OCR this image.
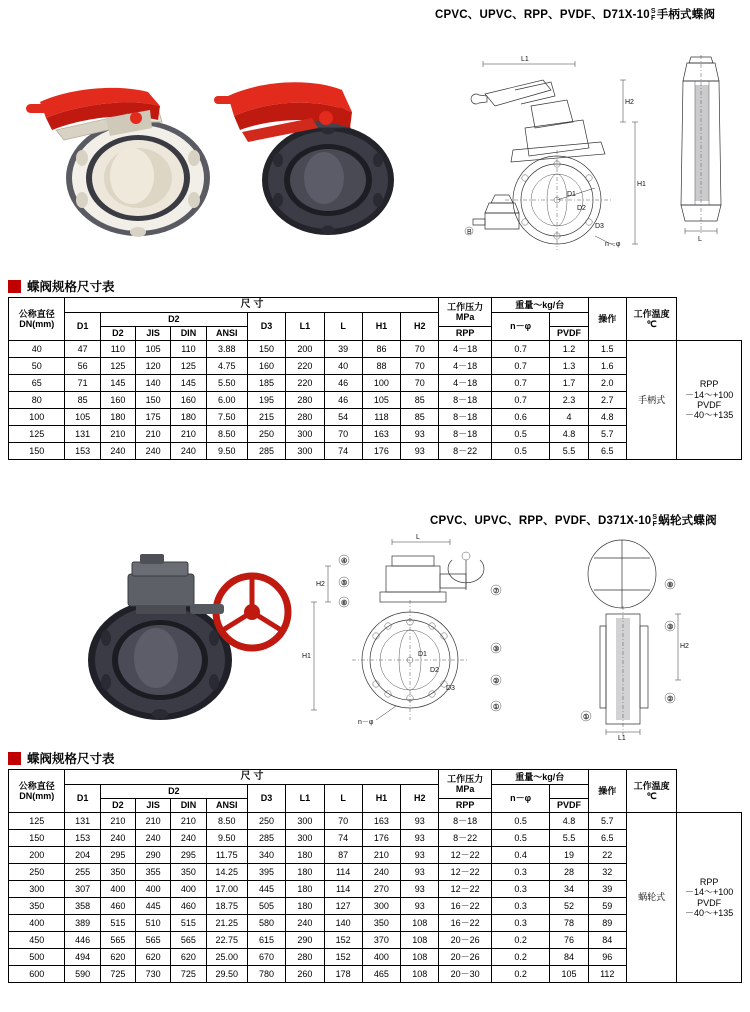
CPVC、UPVC、RPP、PVDF、D71X-10 S
F手柄式蝶阀
L1
D1
D2
D3
n－φ
H2
H1
B
L
蝶阀规格尺寸表
公称直径
DN(mm)
	尺 寸	工作压力
MPa
	重量～kg/台	操作	
工作温度
℃

	D1	D2				D3	L1	L	H1	H2		n－φ				
		D2	JIS	DIN	ANSI						RPP		PVDF			
40	47	110	105	110	3.88	150	200	39	86	70	4－18	0.7	1.2	1.5	手柄式	RPP
－14～+100
PVDF
－40～+135

50	56	125	120	125	4.75	160	220	40	88	70	4－18	0.7	1.3	1.6		
65	71	145	140	145	5.50	185	220	46	100	70	4－18	0.7	1.7	2.0		
80	85	160	150	160	6.00	195	280	46	105	85	8－18	0.7	2.3	2.7		
100	105	180	175	180	7.50	215	280	54	118	85	8－18	0.6	4	4.8		
125	131	210	210	210	8.50	250	300	70	163	93	8－18	0.5	4.8	5.7		
150	153	240	240	240	9.50	285	300	74	176	93	8－22	0.5	5.5	6.5		
CPVC、UPVC、RPP、PVDF、D371X-10 S
F蜗轮式蝶阀
L
D1
D2
D3
n－φ
H2
H1
④
⑤
⑥
⑦
③
②
①
H2
L1
⑧
③
②
①
蝶阀规格尺寸表
公称直径
DN(mm)
	尺 寸	工作压力
MPa
	重量～kg/台	操作	
工作温度
℃

	D1	D2				D3	L1	L	H1	H2		n－φ				
		D2	JIS	DIN	ANSI						RPP		PVDF			
125	131	210	210	210	8.50	250	300	70	163	93	8－18	0.5	4.8	5.7	蜗轮式	RPP
－14～+100
PVDF
－40～+135

150	153	240	240	240	9.50	285	300	74	176	93	8－22	0.5	5.5	6.5		
200	204	295	290	295	11.75	340	180	87	210	93	12－22	0.4	19	22		
250	255	350	355	350	14.25	395	180	114	240	93	12－22	0.3	28	32		
300	307	400	400	400	17.00	445	180	114	270	93	12－22	0.3	34	39		
350	358	460	445	460	18.75	505	180	127	300	93	16－22	0.3	52	59		
400	389	515	510	515	21.25	580	240	140	350	108	16－22	0.3	78	89		
450	446	565	565	565	22.75	615	290	152	370	108	20－26	0.2	76	84		
500	494	620	620	620	25.00	670	280	152	400	108	20－26	0.2	84	96		
600	590	725	730	725	29.50	780	260	178	465	108	20－30	0.2	105	112		
